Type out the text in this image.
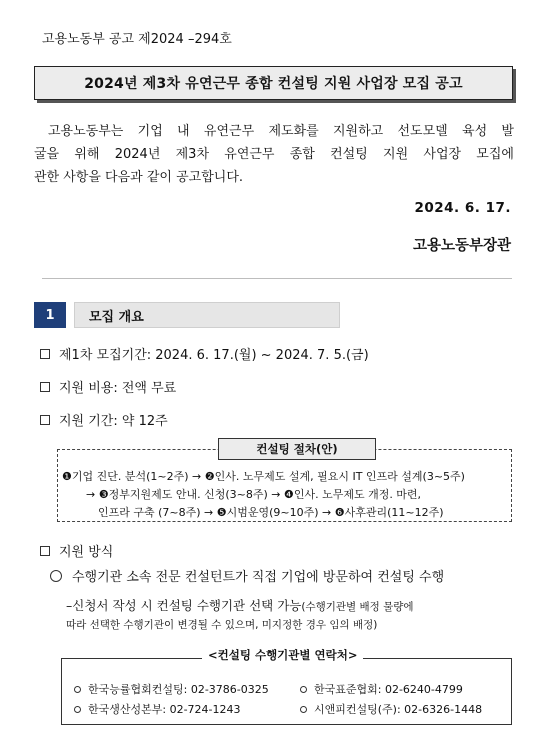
고용노동부 공고 제2024 –294호
2024년 제3차 유연근무 종합 컨설팅 지원 사업장 모집 공고
고용노동부는 기업 내 유연근무 제도화를 지원하고 선도모델 육성 발
굴을 위해 2024년 제3차 유연근무 종합 컨설팅 지원 사업장 모집에
관한 사항을 다음과 같이 공고합니다.
2024. 6. 17.
고용노동부장관
1	모집 개요
제1차 모집기간: 2024. 6. 17.(월) ~ 2024. 7. 5.(금)
지원 비용: 전액 무료
지원 기간: 약 12주
컨설팅 절차(안)
❶기업 진단. 분석(1~2주) → ❷인사. 노무제도 설계, 필요시 IT 인프라 설계(3~5주)
→ ❸정부지원제도 안내. 신청(3~8주) → ❹인사. 노무제도 개정. 마련,
인프라 구축 (7~8주) → ❺시범운영(9~10주) → ❻사후관리(11~12주)
지원 방식
수행기관 소속 전문 컨설턴트가 직접 기업에 방문하여 컨설팅 수행
–신청서 작성 시 컨설팅 수행기관 선택 가능(수행기관별 배정 물량에
따라 선택한 수행기관이 변경될 수 있으며, 미지정한 경우 임의 배정)
<컨설팅 수행기관별 연락처>
한국능률협회컨설팅: 02-3786-0325	한국표준협회: 02-6240-4799
한국생산성본부: 02-724-1243	시앤피컨설팅(주): 02-6326-1448
